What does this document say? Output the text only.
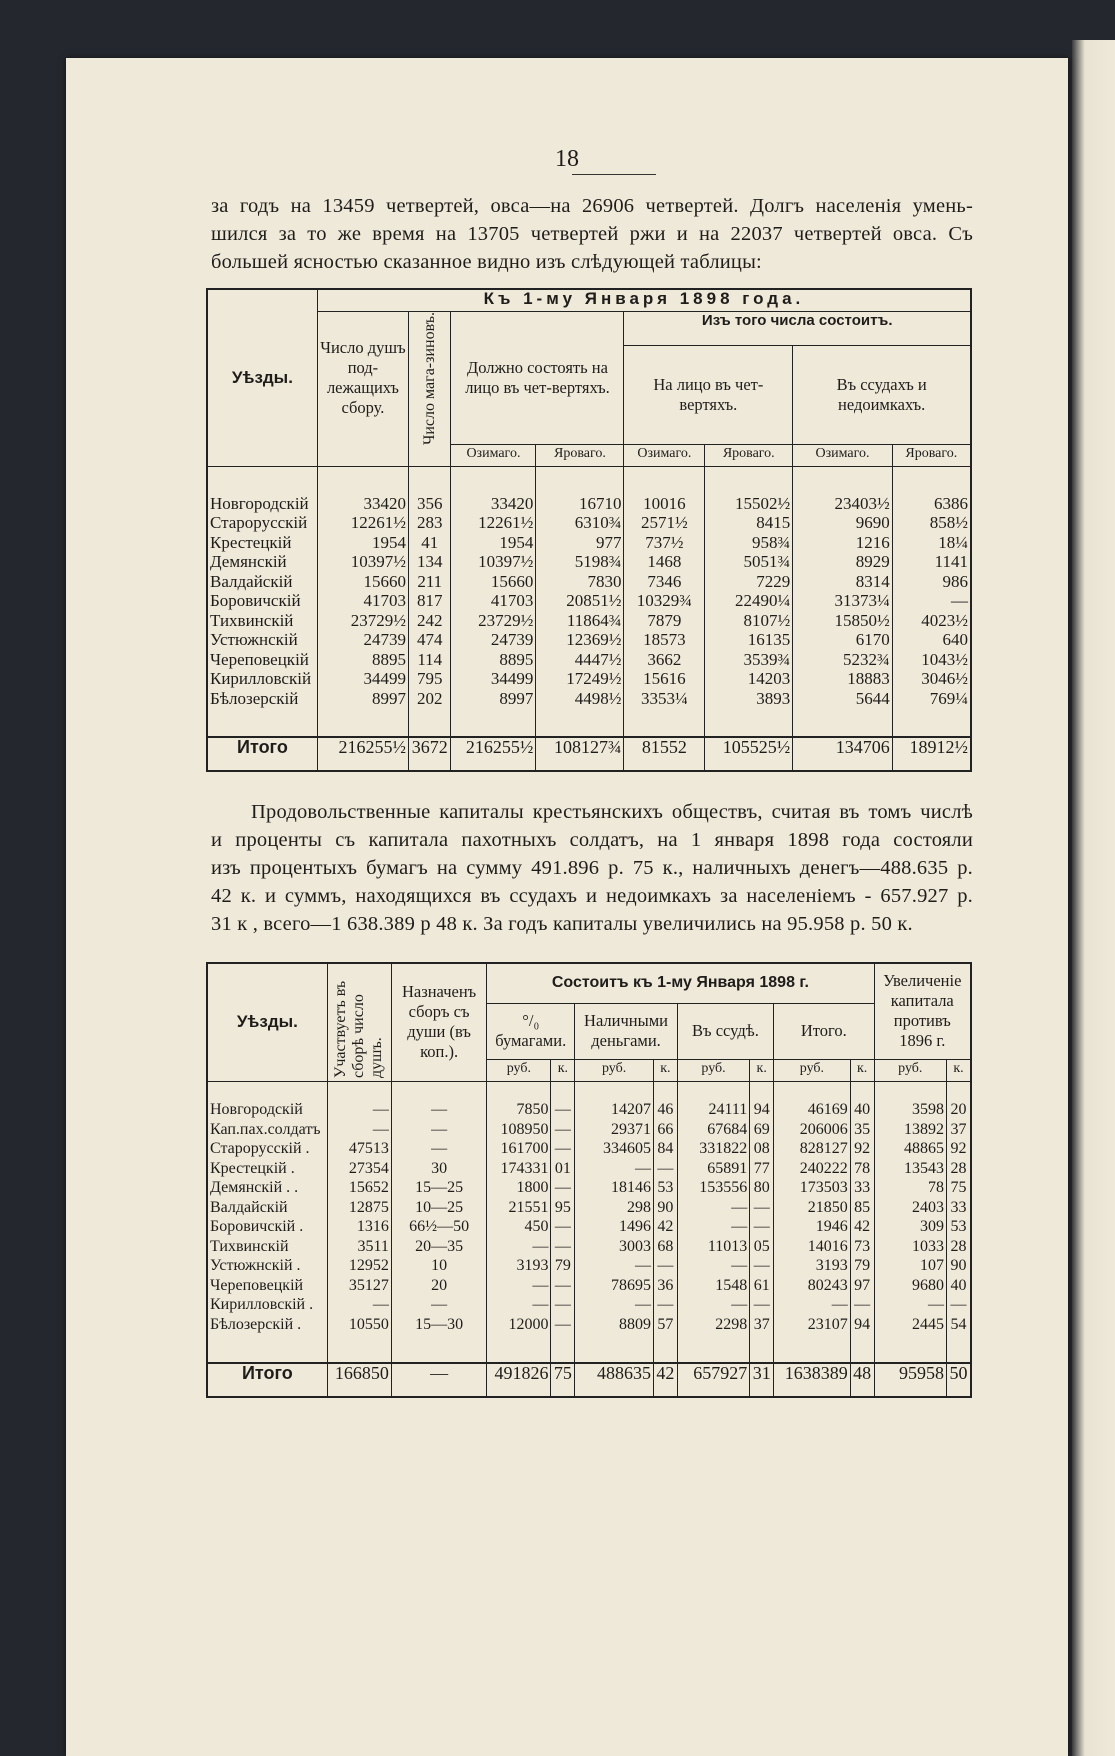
18
за годъ на 13459 четвертей, овса—на 26906 четвертей. Долгъ населенія умень-
шился за то же время на 13705 четвертей ржи и на 22037 четвертей овса. Съ
большей ясностью сказанное видно изъ слѣдующей таблицы:
Уѣзды.	Къ 1-му Января 1898 года.							
	Число душъ под-лежащихъ сбору.	Число мага-зиновъ.	Должно состоять на лицо въ чет-вертяхъ.		Изъ того числа состоитъ.			
					На лицо въ чет-вертяхъ.		Въ ссудахъ и недоимкахъ.	
			Озимаго.	Яроваго.	Озимаго.	Яроваго.	Озимаго.	Яроваго.

Новгородскій	33420	356	33420	16710	10016	15502½	23403½	6386
Старорусскій	12261½	283	12261½	6310¾	2571½	8415	9690	858½
Крестецкій	1954	41	1954	977	737½	958¾	1216	18¼
Демянскій	10397½	134	10397½	5198¾	1468	5051¾	8929	1141
Валдайскій	15660	211	15660	7830	7346	7229	8314	986
Боровичскій	41703	817	41703	20851½	10329¾	22490¼	31373¼	—
Тихвинскій	23729½	242	23729½	11864¾	7879	8107½	15850½	4023½
Устюжнскій	24739	474	24739	12369½	18573	16135	6170	640
Череповецкій	8895	114	8895	4447½	3662	3539¾	5232¾	1043½
Кирилловскій	34499	795	34499	17249½	15616	14203	18883	3046½
Бѣлозерскій	8997	202	8997	4498½	3353¼	3893	5644	769¼

Итого	216255½	3672	216255½	108127¾	81552	105525½	134706	18912½
Продовольственные капиталы крестьянскихъ обществъ, считая въ томъ числѣ
и проценты съ капитала пахотныхъ солдатъ, на 1 января 1898 года состояли
изъ процентыхъ бумагъ на сумму 491.896 р. 75 к., наличныхъ денегъ—488.635 р.
42 к. и суммъ, находящихся въ ссудахъ и недоимкахъ за населеніемъ - 657.927 р.
31 к , всего—1 638.389 р 48 к. За годъ капиталы увеличились на 95.958 р. 50 к.
Уѣзды.	Участвуетъ въ сборѣ число душъ.	Назначенъ сборъ съ души (въ коп.).	Состоитъ къ 1-му Января 1898 г.								Увеличеніе капитала противъ 1896 г.	
			°/₀ бумагами.		Наличными деньгами.		Въ ссудѣ.		Итого.			
			руб.	к.	руб.	к.	руб.	к.	руб.	к.	руб.	к.

Новгородскій	—	—	7850	—	14207	46	24111	94	46169	40	3598	20
Кап.пах.солдатъ	—	—	108950	—	29371	66	67684	69	206006	35	13892	37
Старорусскій .	47513	—	161700	—	334605	84	331822	08	828127	92	48865	92
Крестецкій .	27354	30	174331	01	—	—	65891	77	240222	78	13543	28
Демянскій . .	15652	15—25	1800	—	18146	53	153556	80	173503	33	78	75
Валдайскій	12875	10—25	21551	95	298	90	—	—	21850	85	2403	33
Боровичскій .	1316	66½—50	450	—	1496	42	—	—	1946	42	309	53
Тихвинскій	3511	20—35	—	—	3003	68	11013	05	14016	73	1033	28
Устюжнскій .	12952	10	3193	79	—	—	—	—	3193	79	107	90
Череповецкій	35127	20	—	—	78695	36	1548	61	80243	97	9680	40
Кирилловскій .	—	—	—	—	—	—	—	—	—	—	—	—
Бѣлозерскій .	10550	15—30	12000	—	8809	57	2298	37	23107	94	2445	54

Итого	166850	—	491826	75	488635	42	657927	31	1638389	48	95958	50
